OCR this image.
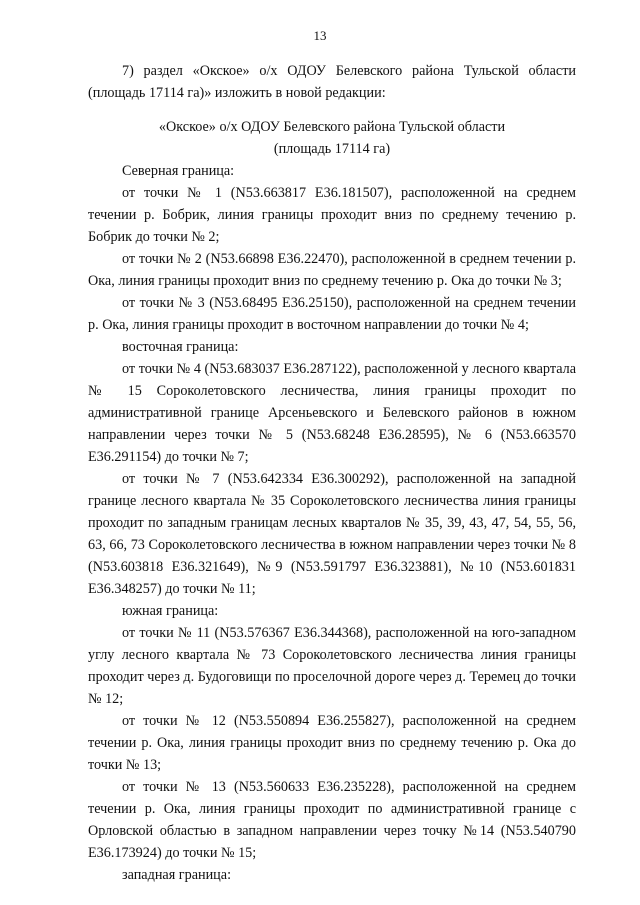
13

7) раздел «Окское» о/х ОДОУ Белевского района Тульской области (площадь 17114 га)» изложить в новой редакции:

«Окское» о/х ОДОУ Белевского района Тульской области

(площадь 17114 га)

Северная граница:

от точки № 1 (N53.663817 E36.181507), расположенной на среднем течении р. Бобрик, линия границы проходит вниз по среднему течению р. Бобрик до точки № 2;

от точки № 2 (N53.66898 E36.22470), расположенной в среднем течении р. Ока, линия границы проходит вниз по среднему течению р. Ока до точки № 3;

от точки № 3 (N53.68495 E36.25150), расположенной на среднем течении р. Ока, линия границы проходит в восточном направлении до точки № 4;

восточная граница:

от точки № 4 (N53.683037 E36.287122), расположенной у лесного квартала № 15 Сороколетовского лесничества, линия границы проходит по административной границе Арсеньевского и Белевского районов в южном направлении через точки № 5 (N53.68248 E36.28595), № 6 (N53.663570 E36.291154) до точки № 7;

от точки № 7 (N53.642334 E36.300292), расположенной на западной границе лесного квартала № 35 Сороколетовского лесничества линия границы проходит по западным границам лесных кварталов № 35, 39, 43, 47, 54, 55, 56, 63, 66, 73 Сороколетовского лесничества в южном направлении через точки № 8 (N53.603818 E36.321649), №9 (N53.591797 E36.323881), №10 (N53.601831 E36.348257) до точки № 11;

южная граница:

от точки № 11 (N53.576367 E36.344368), расположенной на юго-западном углу лесного квартала № 73 Сороколетовского лесничества линия границы проходит через д. Будоговищи по проселочной дороге через д. Теремец до точки № 12;

от точки № 12 (N53.550894 E36.255827), расположенной на среднем течении р. Ока, линия границы проходит вниз по среднему течению р. Ока до точки № 13;

от точки № 13 (N53.560633 E36.235228), расположенной на среднем течении р. Ока, линия границы проходит по административной границе с Орловской областью в западном направлении через точку №14 (N53.540790 E36.173924) до точки № 15;

западная граница:
